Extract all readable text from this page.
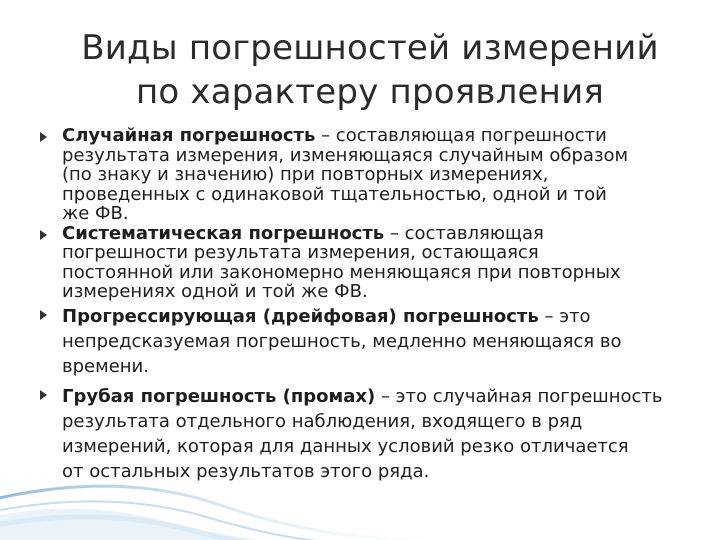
Виды погрешностей измерений
по характеру проявления
Случайная погрешность – составляющая погрешности
результата измерения, изменяющаяся случайным образом
(по знаку и значению) при повторных измерениях,
проведенных с одинаковой тщательностью, одной и той
же ФВ.
Систематическая погрешность – составляющая
погрешности результата измерения, остающаяся
постоянной или закономерно меняющаяся при повторных
измерениях одной и той же ФВ.
Прогрессирующая (дрейфовая) погрешность – это
непредсказуемая погрешность, медленно меняющаяся во
времени.
Грубая погрешность (промах) – это случайная погрешность
результата отдельного наблюдения, входящего в ряд
измерений, которая для данных условий резко отличается
от остальных результатов этого ряда.
